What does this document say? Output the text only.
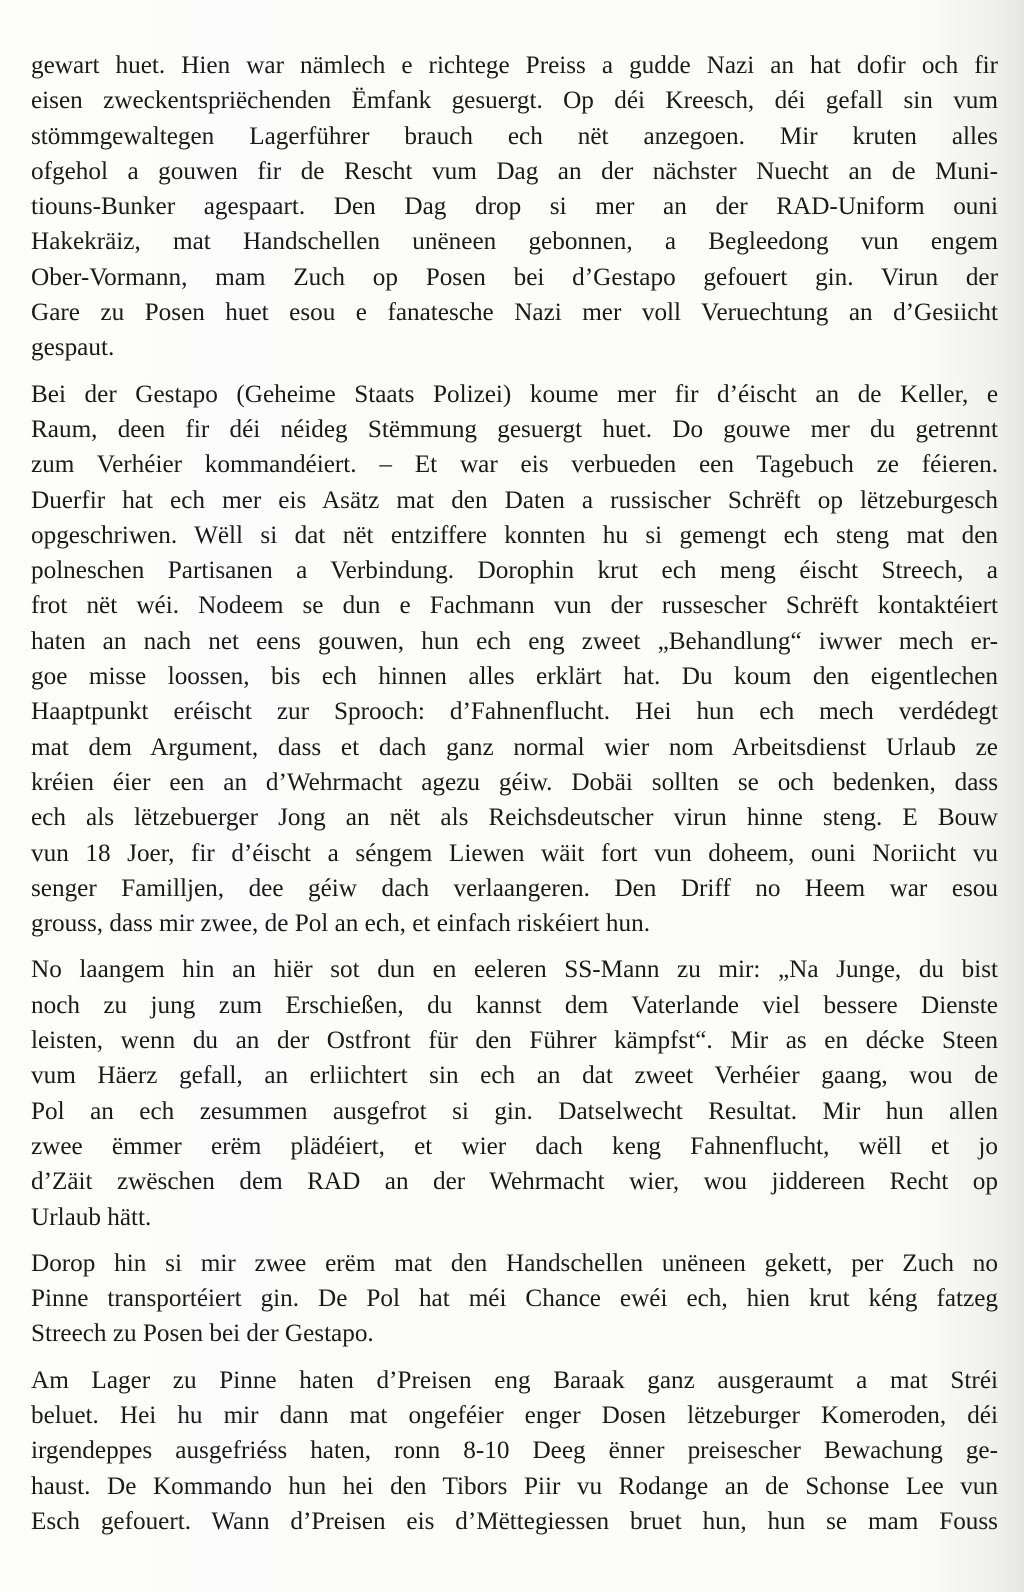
gewart huet. Hien war nämlech e richtege Preiss a gudde Nazi an hat dofir och fir
eisen zweckentspriëchenden Ëmfank gesuergt. Op déi Kreesch, déi gefall sin vum
stömmgewaltegen Lagerführer brauch ech nët anzegoen. Mir kruten alles
ofgehol a gouwen fir de Rescht vum Dag an der nächster Nuecht an de Muni-
tiouns-Bunker agespaart. Den Dag drop si mer an der RAD-Uniform ouni
Hakekräiz, mat Handschellen unëneen gebonnen, a Begleedong vun engem
Ober-Vormann, mam Zuch op Posen bei d’Gestapo gefouert gin. Virun der
Gare zu Posen huet esou e fanatesche Nazi mer voll Veruechtung an d’Gesiicht
gespaut.

Bei der Gestapo (Geheime Staats Polizei) koume mer fir d’éischt an de Keller, e
Raum, deen fir déi néideg Stëmmung gesuergt huet. Do gouwe mer du getrennt
zum Verhéier kommandéiert. – Et war eis verbueden een Tagebuch ze féieren.
Duerfir hat ech mer eis Asätz mat den Daten a russischer Schrëft op lëtzeburgesch
opgeschriwen. Wëll si dat nët entziffere konnten hu si gemengt ech steng mat den
polneschen Partisanen a Verbindung. Dorophin krut ech meng éischt Streech, a
frot nët wéi. Nodeem se dun e Fachmann vun der russescher Schrëft kontaktéiert
haten an nach net eens gouwen, hun ech eng zweet „Behandlung“ iwwer mech er-
goe misse loossen, bis ech hinnen alles erklärt hat. Du koum den eigentlechen
Haaptpunkt eréischt zur Sprooch: d’Fahnenflucht. Hei hun ech mech verdédegt
mat dem Argument, dass et dach ganz normal wier nom Arbeitsdienst Urlaub ze
kréien éier een an d’Wehrmacht agezu géiw. Dobäi sollten se och bedenken, dass
ech als lëtzebuerger Jong an nët als Reichsdeutscher virun hinne steng. E Bouw
vun 18 Joer, fir d’éischt a séngem Liewen wäit fort vun doheem, ouni Noriicht vu
senger Familljen, dee géiw dach verlaangeren. Den Driff no Heem war esou
grouss, dass mir zwee, de Pol an ech, et einfach riskéiert hun.

No laangem hin an hiër sot dun en eeleren SS-Mann zu mir: „Na Junge, du bist
noch zu jung zum Erschießen, du kannst dem Vaterlande viel bessere Dienste
leisten, wenn du an der Ostfront für den Führer kämpfst“. Mir as en décke Steen
vum Häerz gefall, an erliichtert sin ech an dat zweet Verhéier gaang, wou de
Pol an ech zesummen ausgefrot si gin. Datselwecht Resultat. Mir hun allen
zwee ëmmer erëm plädéiert, et wier dach keng Fahnenflucht, wëll et jo
d’Zäit zwëschen dem RAD an der Wehrmacht wier, wou jiddereen Recht op
Urlaub hätt.

Dorop hin si mir zwee erëm mat den Handschellen unëneen gekett, per Zuch no
Pinne transportéiert gin. De Pol hat méi Chance ewéi ech, hien krut kéng fatzeg
Streech zu Posen bei der Gestapo.

Am Lager zu Pinne haten d’Preisen eng Baraak ganz ausgeraumt a mat Stréi
beluet. Hei hu mir dann mat ongeféier enger Dosen lëtzeburger Komeroden, déi
irgendeppes ausgefriéss haten, ronn 8-10 Deeg ënner preisescher Bewachung ge-
haust. De Kommando hun hei den Tibors Piir vu Rodange an de Schonse Lee vun
Esch gefouert. Wann d’Preisen eis d’Mëttegiessen bruet hun, hun se mam Fouss
